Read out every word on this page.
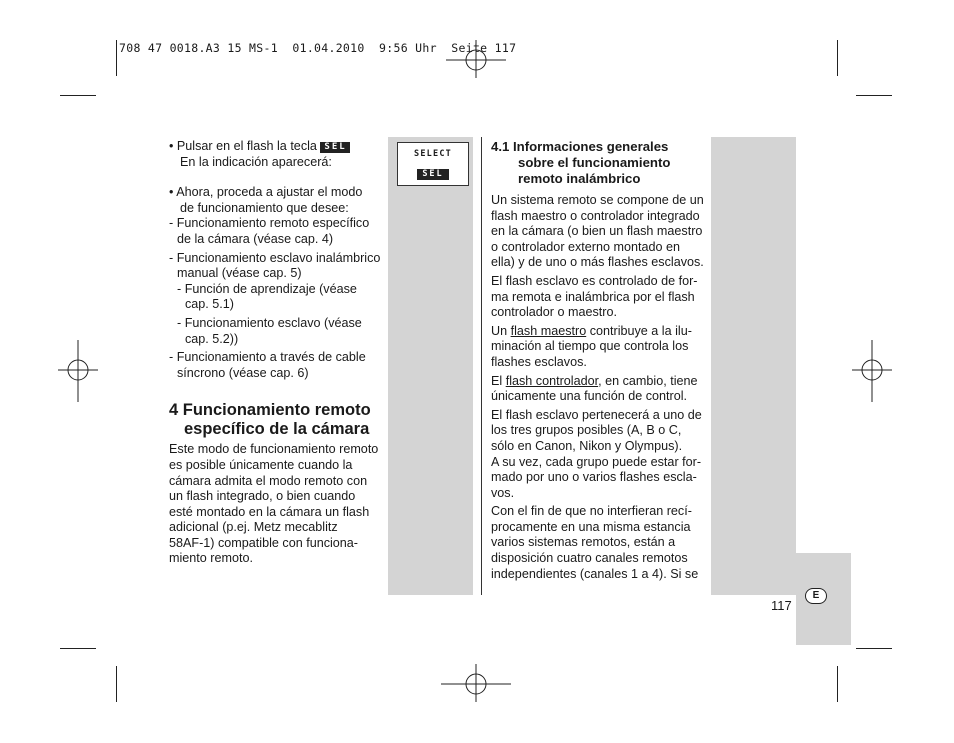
708 47 0018.A3 15 MS-1  01.04.2010  9:56 Uhr  Seite 117
SELECT
SEL
• Pulsar en el flash la tecla SEL
En la indicación aparecerá:
• Ahora, proceda a ajustar el modo
de funcionamiento que desee:
- Funcionamiento remoto específico
de la cámara (véase cap. 4)
- Funcionamiento esclavo inalámbrico
manual (véase cap. 5)
- Función de aprendizaje (véase
cap. 5.1)
- Funcionamiento esclavo (véase
cap. 5.2))
- Funcionamiento a través de cable
síncrono (véase cap. 6)
4 Funcionamiento remoto
específico de la cámara
Este modo de funcionamiento remoto
es posible únicamente cuando la
cámara admita el modo remoto con
un flash integrado, o bien cuando
esté montado en la cámara un flash
adicional (p.ej. Metz mecablitz
58AF-1) compatible con funciona-
miento remoto.
4.1 Informaciones generales
sobre el funcionamiento
remoto inalámbrico
Un sistema remoto se compone de un
flash maestro o controlador integrado
en la cámara (o bien un flash maestro
o controlador externo montado en
ella) y de uno o más flashes esclavos.
El flash esclavo es controlado de for-
ma remota e inalámbrica por el flash
controlador o maestro.
Un flash maestro contribuye a la ilu-
minación al tiempo que controla los
flashes esclavos.
El flash controlador, en cambio, tiene
únicamente una función de control.
El flash esclavo pertenecerá a uno de
los tres grupos posibles (A, B o C,
sólo en Canon, Nikon y Olympus).
A su vez, cada grupo puede estar for-
mado por uno o varios flashes escla-
vos.
Con el fin de que no interfieran recí-
procamente en una misma estancia
varios sistemas remotos, están a
disposición cuatro canales remotos
independientes (canales 1 a 4). Si se
E
117
